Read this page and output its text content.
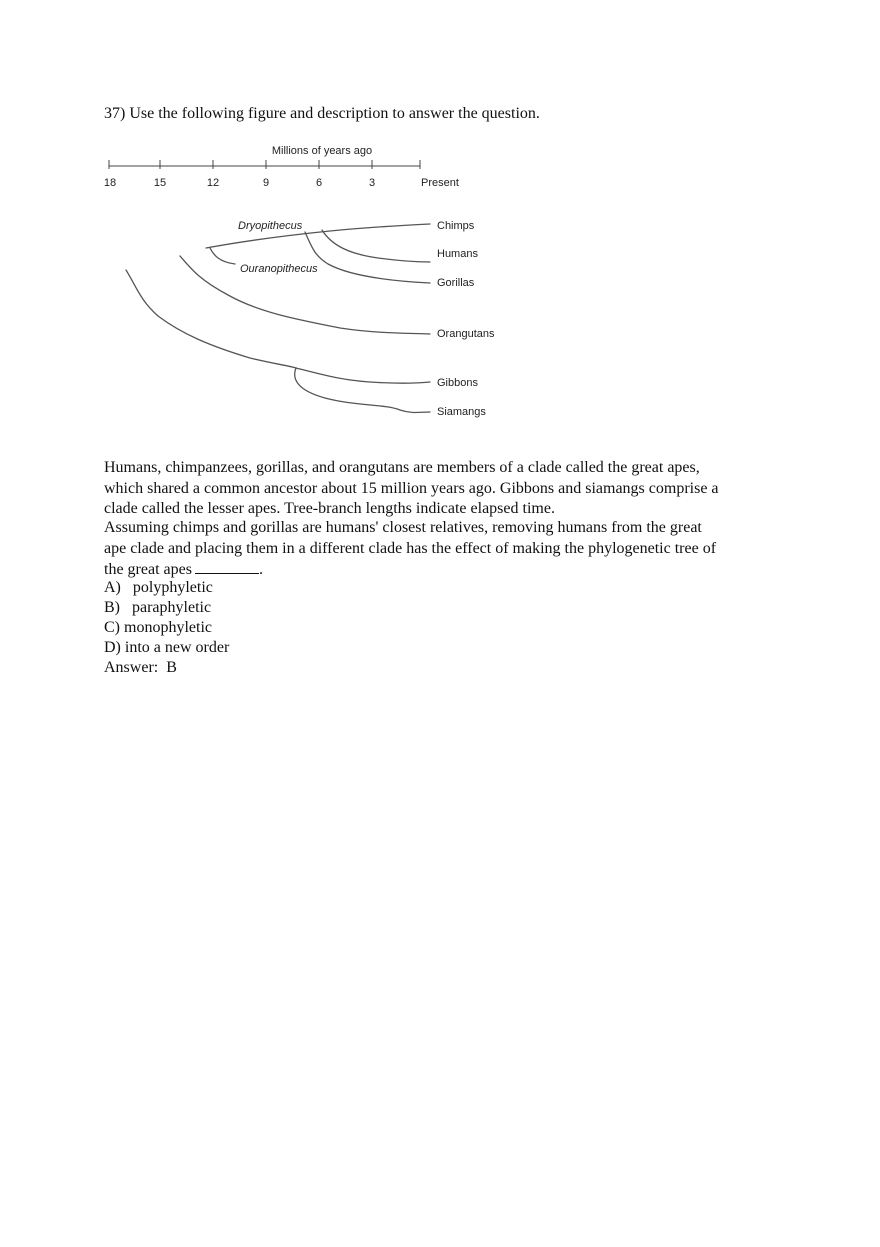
37) Use the following figure and description to answer the question.
Millions of years ago
18	15	12	9	6	3	Present
Dryopithecus
Ouranopithecus
Chimps
Humans
Gorillas
Orangutans
Gibbons
Siamangs

Humans, chimpanzees, gorillas, and orangutans are members of a clade called the great apes,

which shared a common ancestor about 15 million years ago. Gibbons and siamangs comprise a

clade called the lesser apes. Tree-branch lengths indicate elapsed time.

Assuming chimps and gorillas are humans' closest relatives, removing humans from the great

ape clade and placing them in a different clade has the effect of making the phylogenetic tree of

the great apes	.

A) polyphyletic
B) paraphyletic
C) monophyletic
D) into a new order
Answer: B
